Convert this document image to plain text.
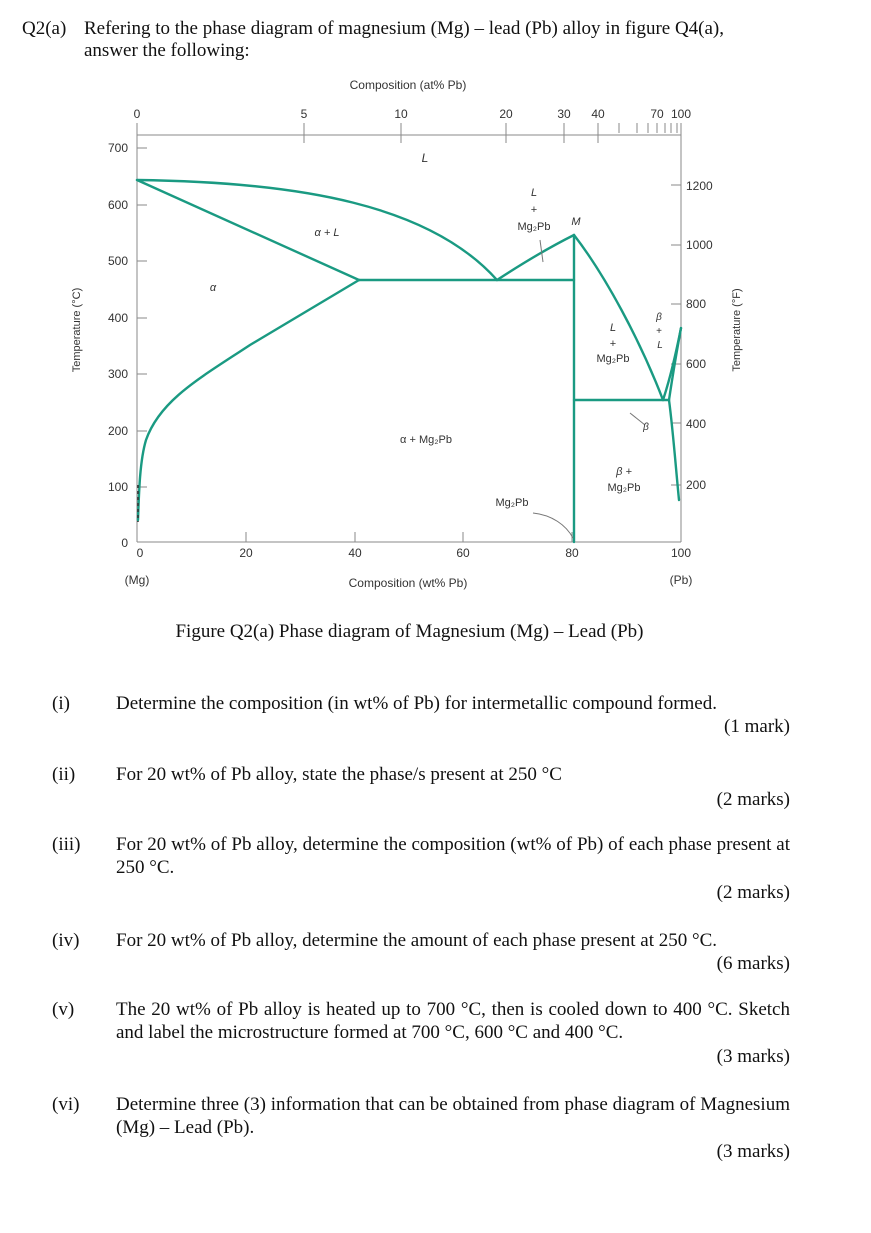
Q2(a) Refering to the phase diagram of magnesium (Mg) – lead (Pb) alloy in figure Q4(a),
answer the following:
0	5	10	20	30 40	70 100
Composition (at% Pb)
0
100
200
300
400
500
600
700
Temperature (°C)
200
400
600
800
1000
1200
Temperature (°F)
0	20	40	60	80	100
(Mg)	(Pb)
Composition (wt% Pb)
L
α + L
α
L
+
Mg₂Pb M
α + Mg₂Pb
L
+
Mg₂Pb
β
+
L
β
β +
Mg₂Pb
Mg₂Pb
Figure Q2(a) Phase diagram of Magnesium (Mg) – Lead (Pb)
(i) Determine the composition (in wt% of Pb) for intermetallic compound formed.
(1 mark)
(ii) For 20 wt% of Pb alloy, state the phase/s present at 250 °C
(2 marks)
(iii) For 20 wt% of Pb alloy, determine the composition (wt% of Pb) of each phase present at 250 °C.
(2 marks)
(iv) For 20 wt% of Pb alloy, determine the amount of each phase present at 250 °C.
(6 marks)
(v) The 20 wt% of Pb alloy is heated up to 700 °C, then is cooled down to 400 °C. Sketch and label the microstructure formed at 700 °C, 600 °C and 400 °C.
(3 marks)
(vi) Determine three (3) information that can be obtained from phase diagram of Magnesium (Mg) – Lead (Pb).
(3 marks)
